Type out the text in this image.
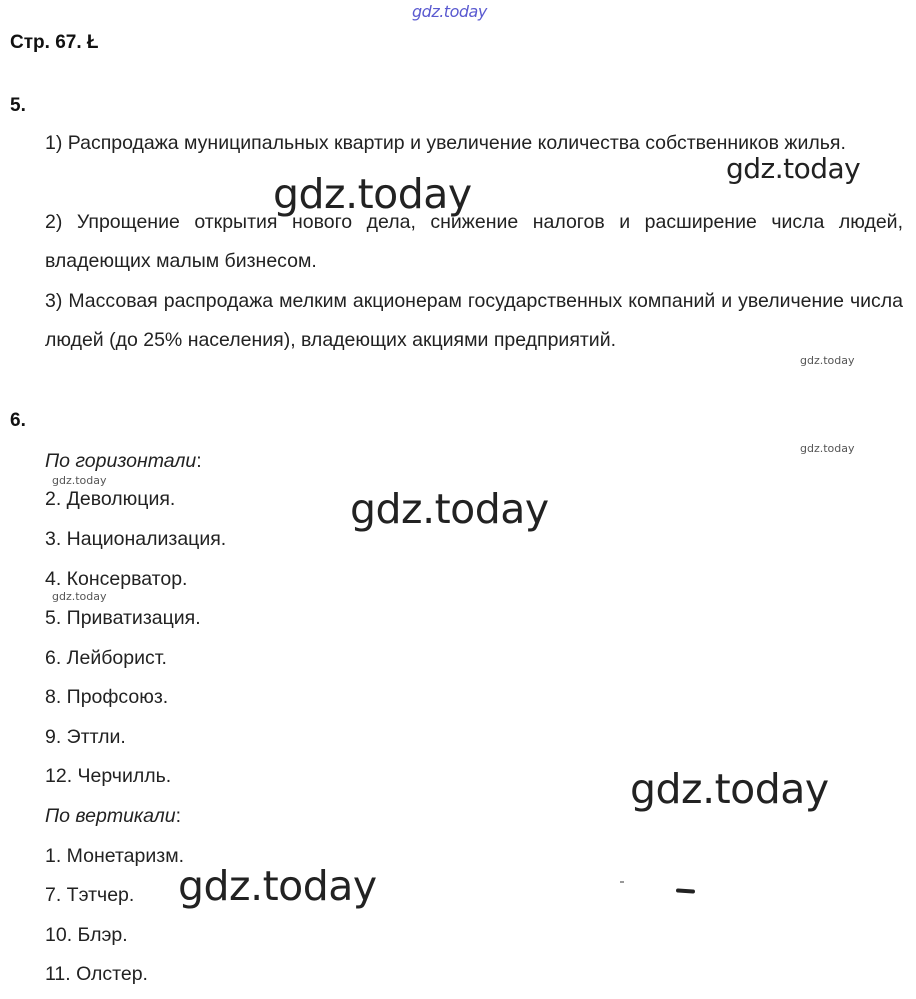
gdz.today
Стр. 67. Ł
5.
1) Распродажа муниципальных квартир и увеличение количества собственников жилья.
2) Упрощение открытия нового дела, снижение налогов и расширение числа людей, владеющих малым бизнесом.
3) Массовая распродажа мелким акционерам государственных компаний и увеличение числа людей (до 25% населения), владеющих акциями предприятий.
6.
По горизонтали:
2. Деволюция.
3. Национализация.
4. Консерватор.
5. Приватизация.
6. Лейборист.
8. Профсоюз.
9. Эттли.
12. Черчилль.
По вертикали:
1. Монетаризм.
7. Тэтчер.
10. Блэр.
11. Олстер.
gdz.today
gdz.today
gdz.today
gdz.today
gdz.today
gdz.today
gdz.today
gdz.today
gdz.today
